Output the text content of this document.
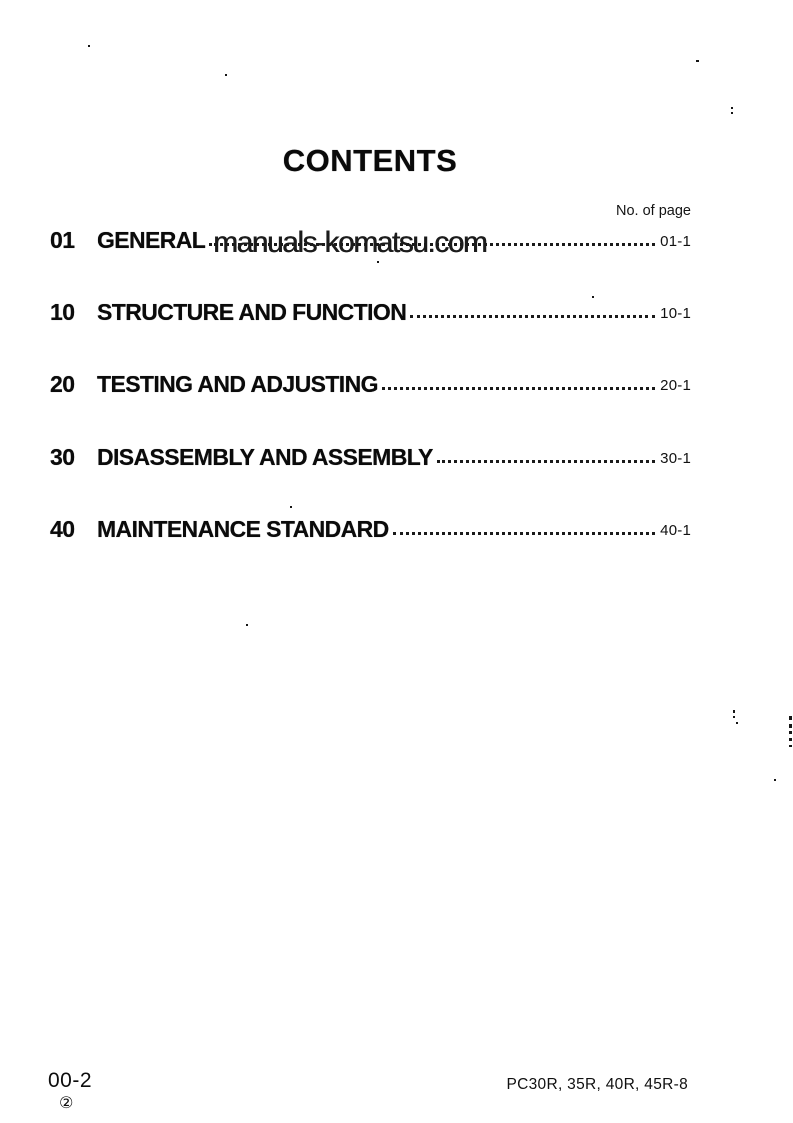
CONTENTS
No. of page
01 GENERAL	01-1
10 STRUCTURE AND FUNCTION	10-1
20 TESTING AND ADJUSTING	20-1
30 DISASSEMBLY AND ASSEMBLY	30-1
40 MAINTENANCE STANDARD	40-1
manuals-komatsu.com
00-2
②
PC30R, 35R, 40R, 45R-8
